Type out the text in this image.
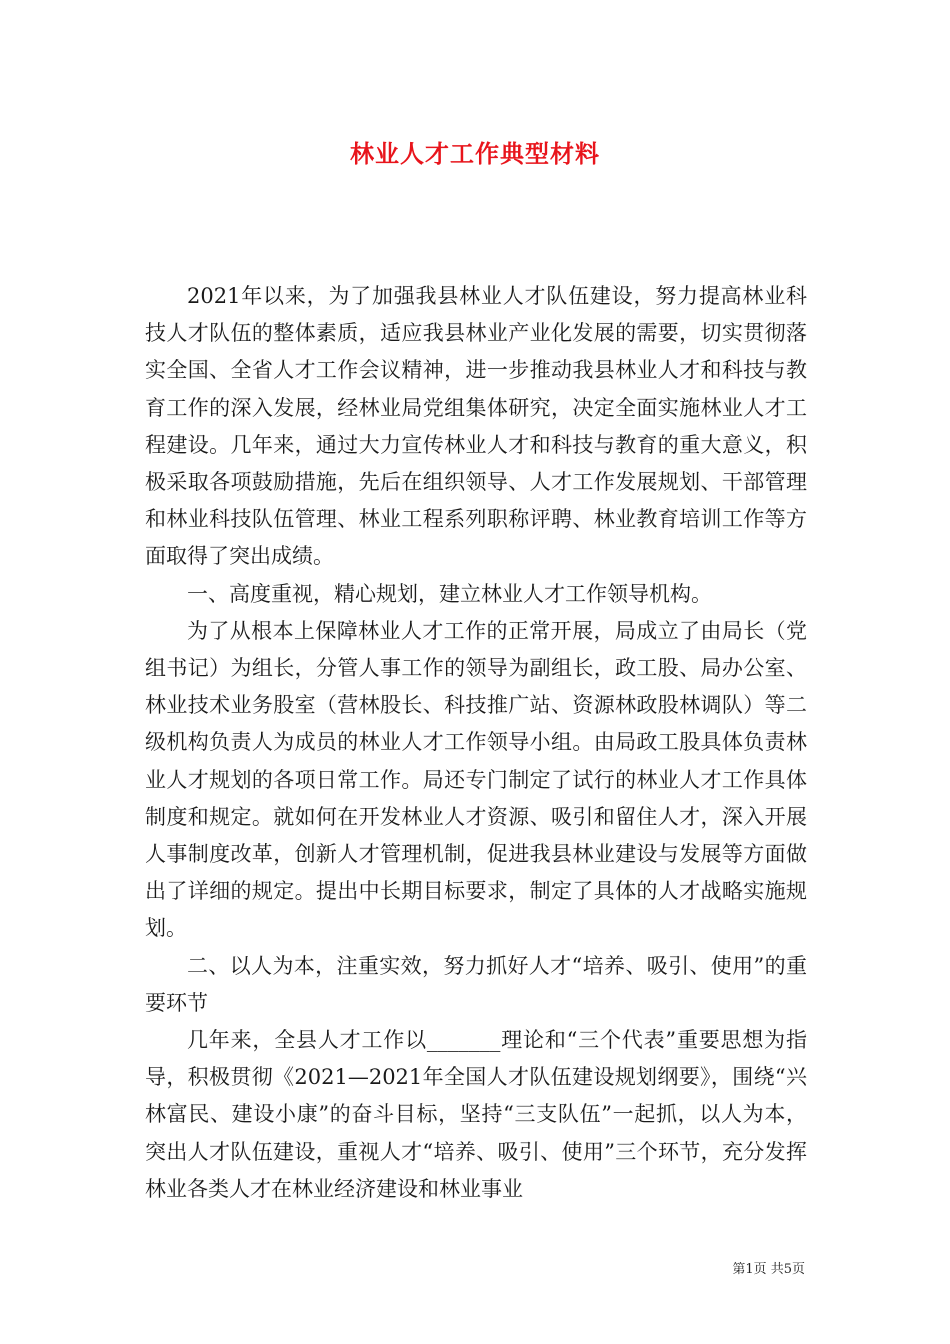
林业人才工作典型材料

2021年以来，为了加强我县林业人才队伍建设，努力提高林业科技人才队伍的整体素质，适应我县林业产业化发展的需要，切实贯彻落实全国、全省人才工作会议精神，进一步推动我县林业人才和科技与教育工作的深入发展，经林业局党组集体研究，决定全面实施林业人才工程建设。几年来，通过大力宣传林业人才和科技与教育的重大意义，积极采取各项鼓励措施，先后在组织领导、人才工作发展规划、干部管理和林业科技队伍管理、林业工程系列职称评聘、林业教育培训工作等方面取得了突出成绩。

一、高度重视，精心规划，建立林业人才工作领导机构。

为了从根本上保障林业人才工作的正常开展，局成立了由局长（党组书记）为组长，分管人事工作的领导为副组长，政工股、局办公室、林业技术业务股室（营林股长、科技推广站、资源林政股林调队）等二级机构负责人为成员的林业人才工作领导小组。由局政工股具体负责林业人才规划的各项日常工作。局还专门制定了试行的林业人才工作具体制度和规定。就如何在开发林业人才资源、吸引和留住人才，深入开展人事制度改革，创新人才管理机制，促进我县林业建设与发展等方面做出了详细的规定。提出中长期目标要求，制定了具体的人才战略实施规划。

二、以人为本，注重实效，努力抓好人才“培养、吸引、使用”的重要环节

几年来，全县人才工作以_______理论和“三个代表”重要思想为指导，积极贯彻《2021—2021年全国人才队伍建设规划纲要》，围绕“兴林富民、建设小康”的奋斗目标，坚持“三支队伍”一起抓，以人为本，突出人才队伍建设，重视人才“培养、吸引、使用”三个环节，充分发挥林业各类人才在林业经济建设和林业事业

第1页 共5页
